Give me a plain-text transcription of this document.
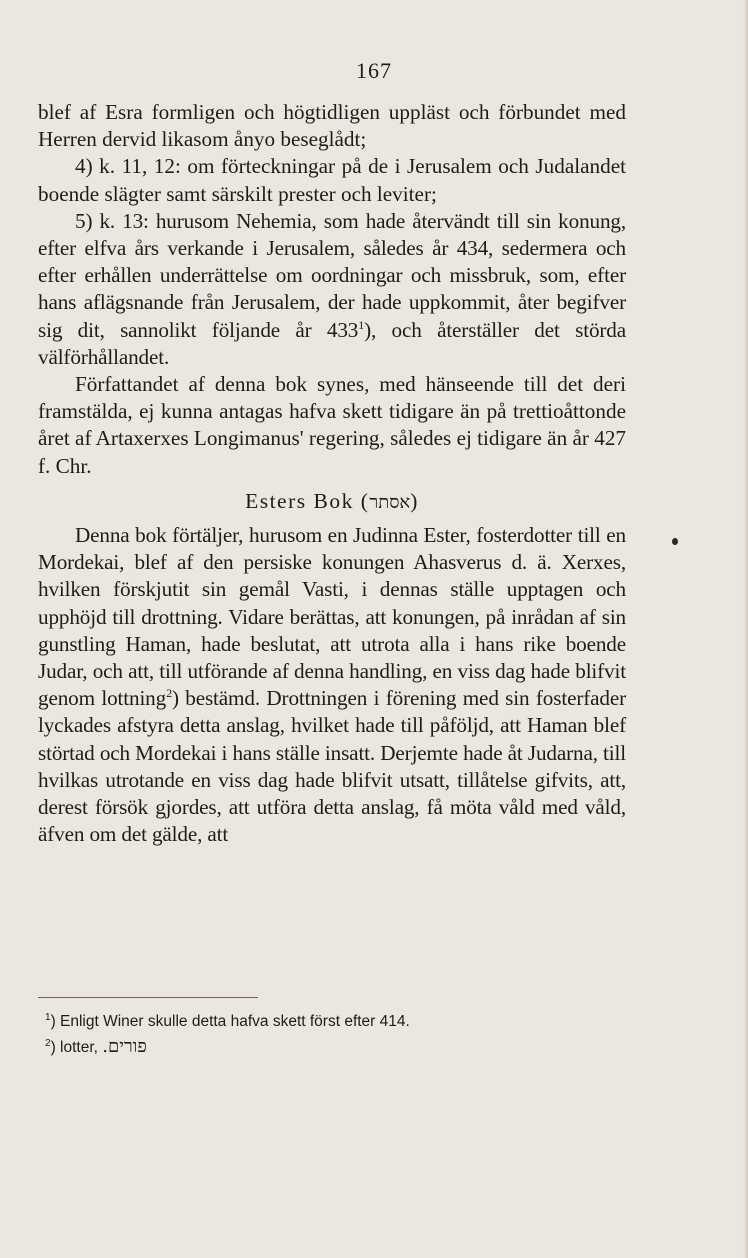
167

blef af Esra formligen och högtidligen uppläst och förbundet med Herren dervid likasom ånyo beseglådt;

4) k. 11, 12: om förteckningar på de i Jerusalem och Judalandet boende slägter samt särskilt prester och leviter;

5) k. 13: hurusom Nehemia, som hade återvändt till sin konung, efter elfva års verkande i Jerusalem, således år 434, sedermera och efter erhållen underrättelse om oordningar och missbruk, som, efter hans aflägsnande från Jerusalem, der hade uppkommit, åter begifver sig dit, sannolikt följande år 433$^1$), och återställer det störda välförhållandet.

Författandet af denna bok synes, med hänseende till det deri framstälda, ej kunna antagas hafva skett tidigare än på trettioåttonde året af Artaxerxes Longimanus' regering, således ej tidigare än år 427 f. Chr.

Esters Bok (אסתר)

Denna bok förtäljer, hurusom en Judinna Ester, fosterdotter till en Mordekai, blef af den persiske konungen Ahasverus d. ä. Xerxes, hvilken förskjutit sin gemål Vasti, i dennas ställe upptagen och upphöjd till drottning. Vidare berättas, att konungen, på inrådan af sin gunstling Haman, hade beslutat, att utrota alla i hans rike boende Judar, och att, till utförande af denna handling, en viss dag hade blifvit genom lottning$^2$) bestämd. Drottningen i förening med sin fosterfader lyckades afstyra detta anslag, hvilket hade till påföljd, att Haman blef störtad och Mordekai i hans ställe insatt. Derjemte hade åt Judarna, till hvilkas utrotande en viss dag hade blifvit utsatt, tillåtelse gifvits, att, derest försök gjordes, att utföra detta anslag, få möta våld med våld, äfven om det gälde, att

$^1$) Enligt Winer skulle detta hafva skett först efter 414.

$^2$) lotter, פורים.
